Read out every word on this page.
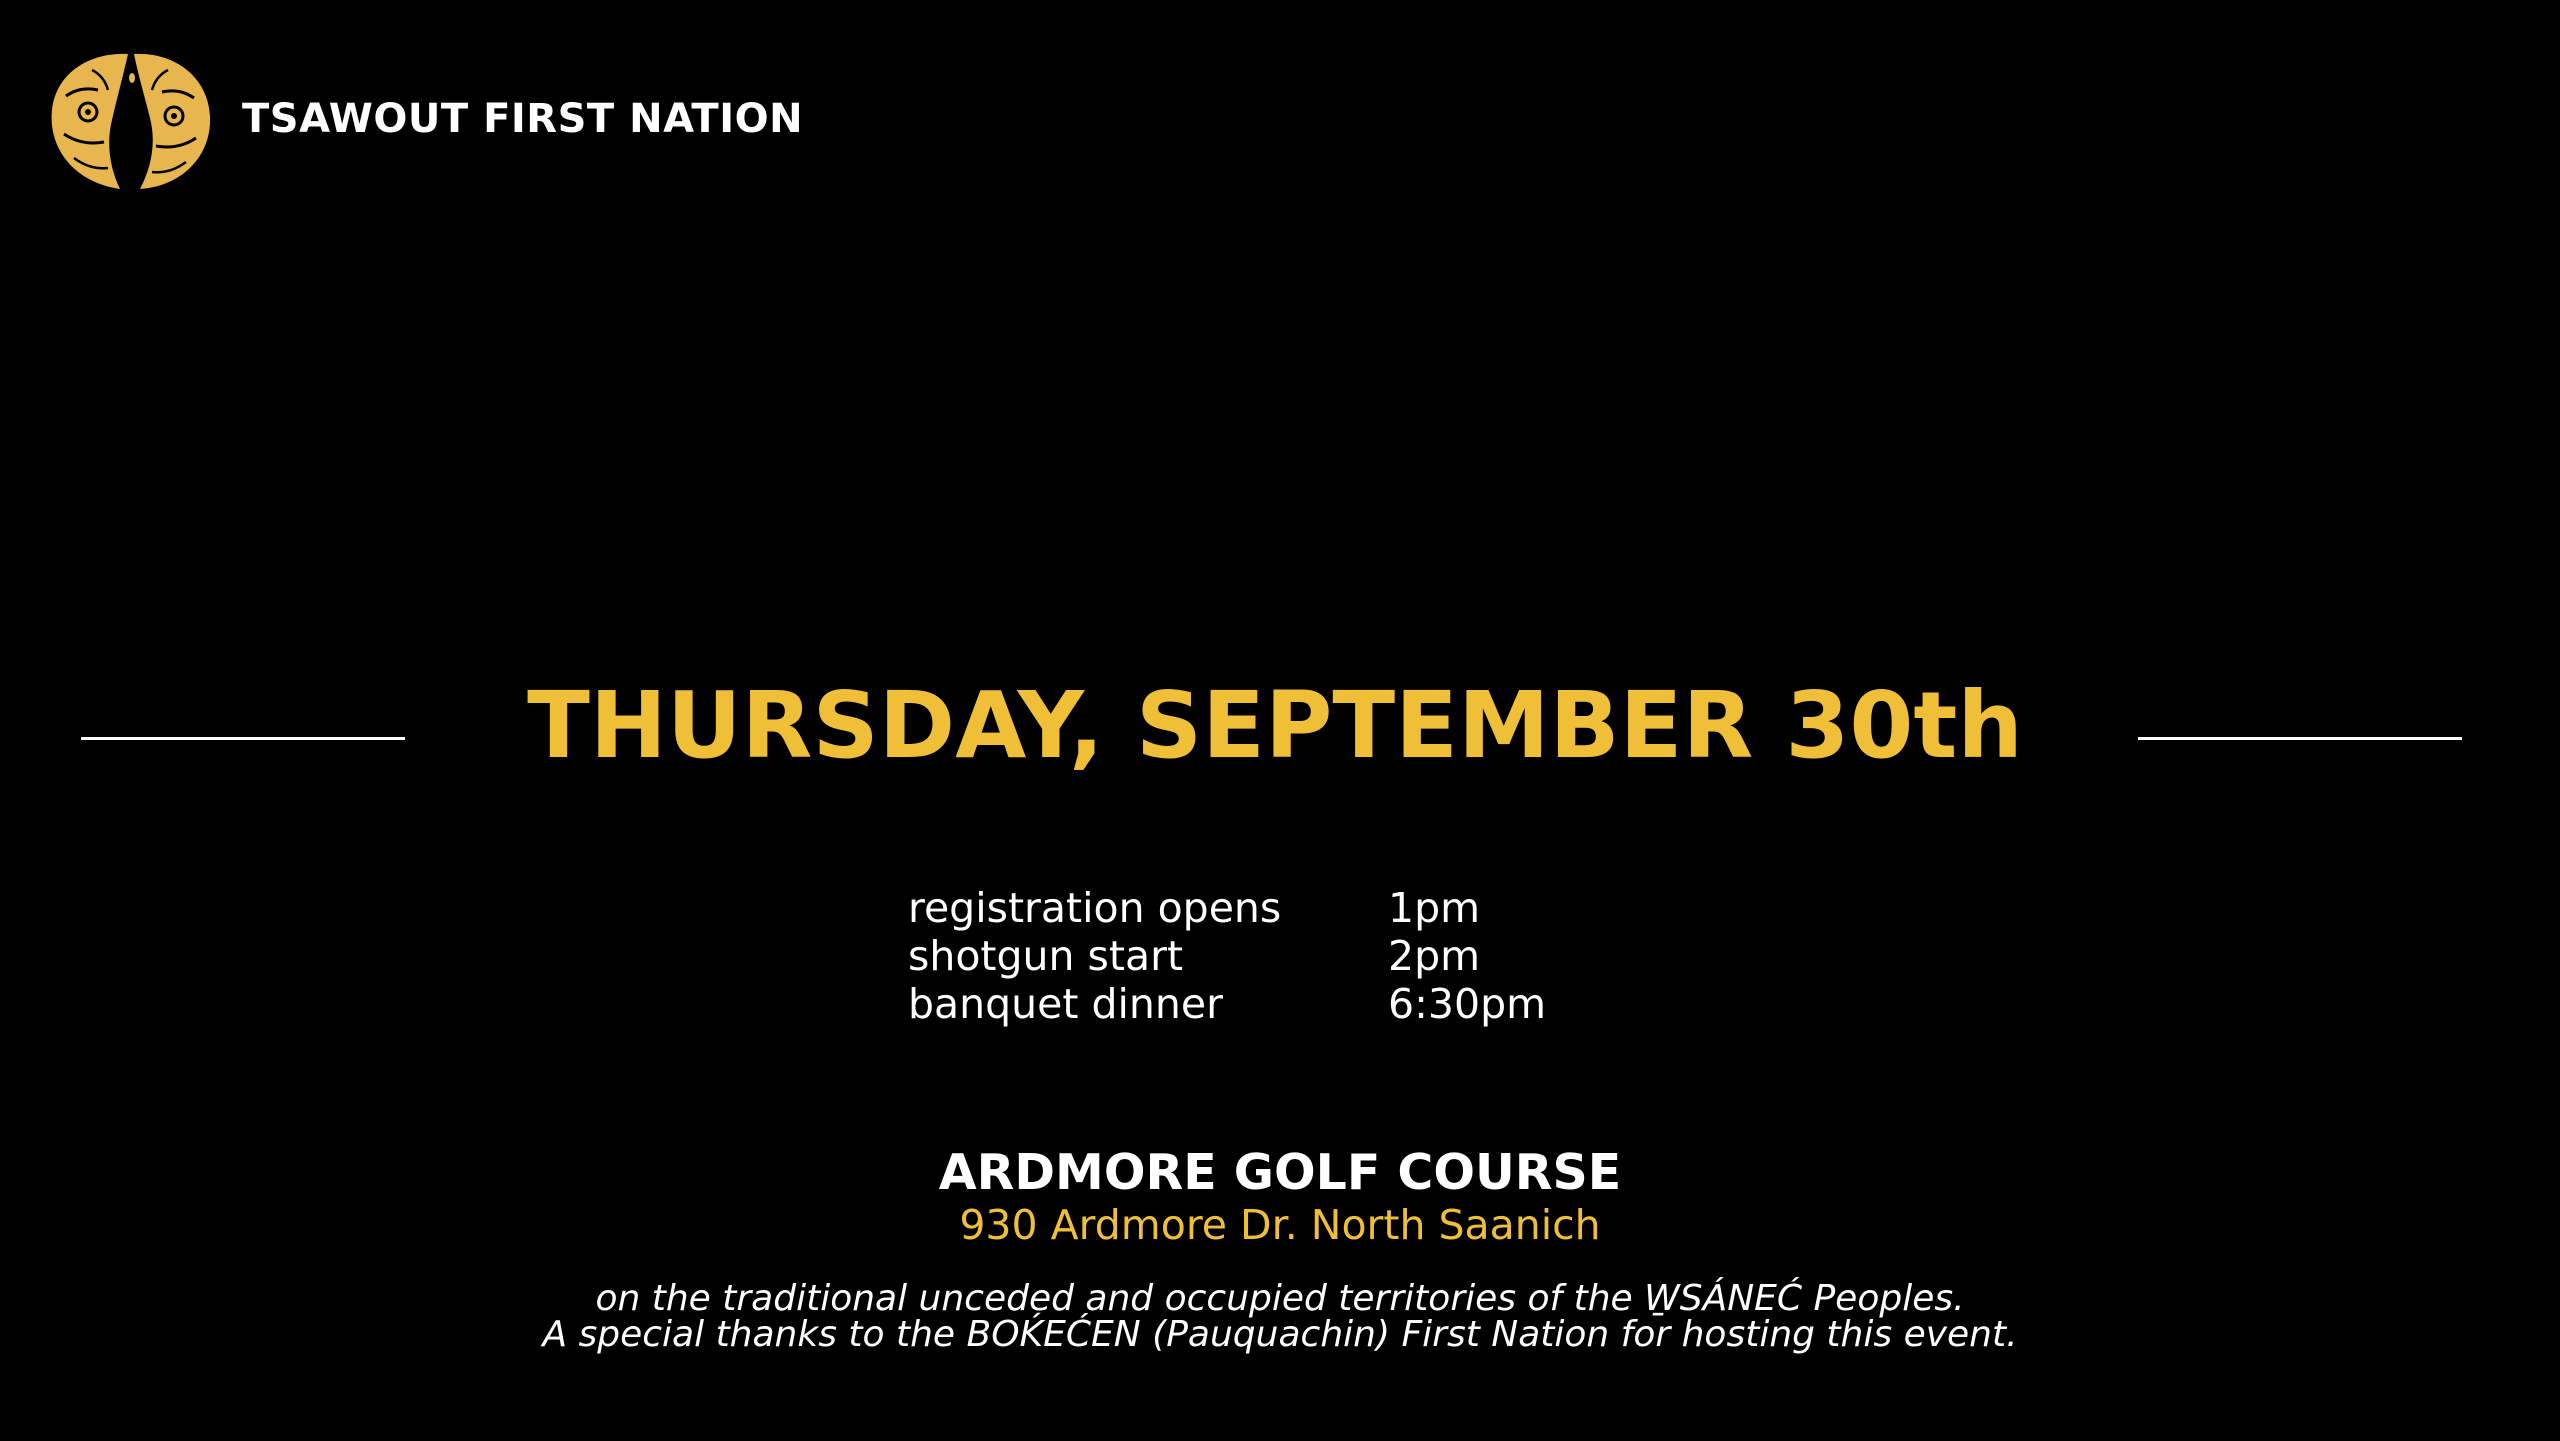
TSAWOUT FIRST NATION
THURSDAY, SEPTEMBER 30th
registration opens	1pm
shotgun start	2pm
banquet dinner	6:30pm
ARDMORE GOLF COURSE
930 Ardmore Dr. North Saanich
on the traditional unceded and occupied territories of the W̱SÁNEĆ Peoples.
A special thanks to the BOḰEĆEN (Pauquachin) First Nation for hosting this event.
